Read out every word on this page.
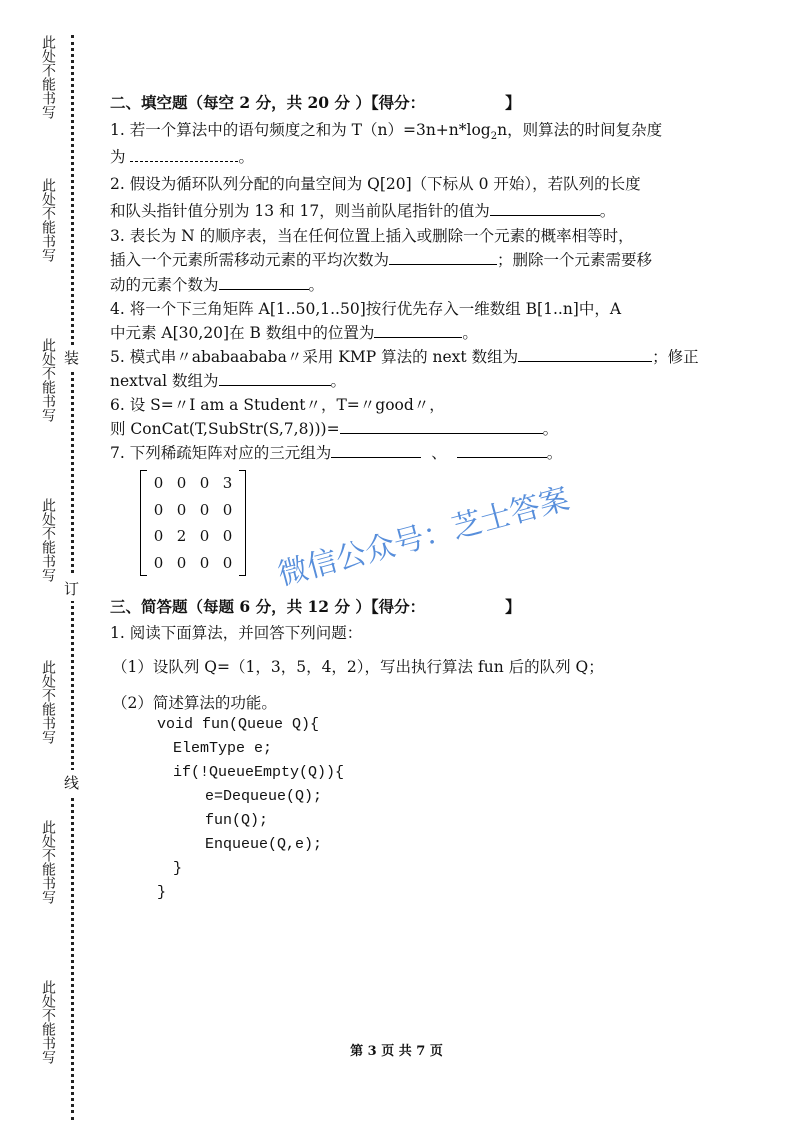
此处不能书写
此处不能书写
此处不能书写
此处不能书写
此处不能书写
此处不能书写
此处不能书写
装
订
线
二、填空题（每空 2 分，共 20 分 ）【得分：	】
1. 若一个算法中的语句频度之和为 $T(n)=3n+n*\log_2n$，则算法的时间复杂度
为	。
2. 假设为循环队列分配的向量空间为 Q[20]（下标从 0 开始），若队列的长度
和队头指针值分别为 13 和 17，则当前队尾指针的值为	。
3. 表长为 N 的顺序表，当在任何位置上插入或删除一个元素的概率相等时，
插入一个元素所需移动元素的平均次数为	；删除一个元素需要移
动的元素个数为	。
4. 将一个下三角矩阵 A[1..50,1..50]按行优先存入一维数组 B[1..n]中，A
中元素 A[30,20]在 B 数组中的位置为	。
5. 模式串〃ababaababa〃采用 KMP 算法的 next 数组为	；修正
nextval 数组为	。
6. 设 S=〃I am a Student〃，T=〃good〃，
则 ConCat(T,SubStr(S,7,8)))=	。
7. 下列稀疏矩阵对应的三元组为	、	。
0 0 0 3
0 0 0 0
0 2 0 0
0 0 0 0 微信公众号：芝士答案
三、简答题（每题 6 分，共 12 分 ）【得分：	】
1. 阅读下面算法，并回答下列问题：
（1）设队列 Q=（1，3，5，4，2），写出执行算法 fun 后的队列 Q；
（2）简述算法的功能。
void fun(Queue Q){
ElemType e;
if(!QueueEmpty(Q)){
e=Dequeue(Q);
fun(Q);
Enqueue(Q,e);
}
}
第 3 页 共 7 页
